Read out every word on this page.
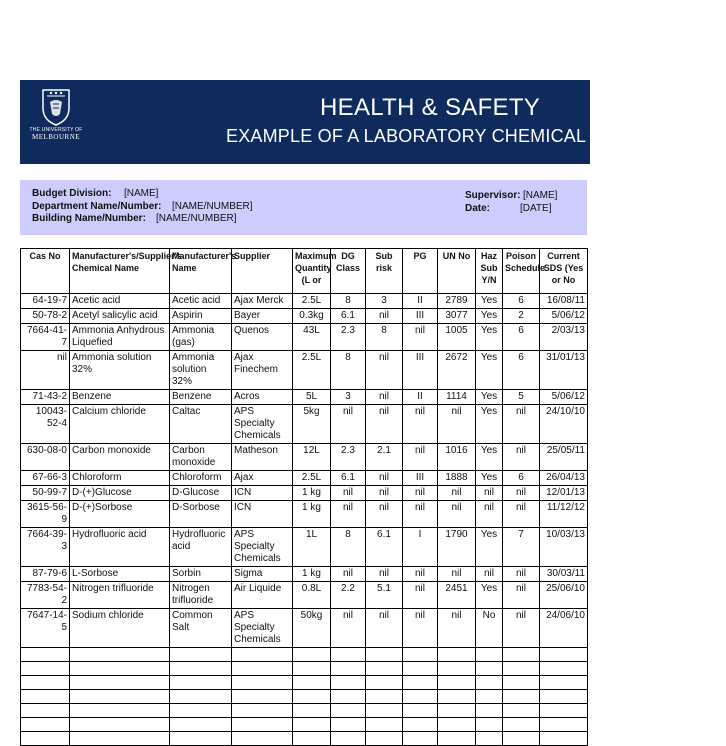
THE UNIVERSITY OF
MELBOURNE
HEALTH & SAFETY
EXAMPLE OF A LABORATORY CHEMICAL INVENTORY
Budget Division: [NAME]
Department Name/Number: [NAME/NUMBER]
Building Name/Number: [NAME/NUMBER]
Supervisor: [NAME]
Date:	[DATE]
Cas No	Manufacturer's/Supplier's Chemical Name	Manufacturer's Name	Supplier	Maximum Quantity (L or	DG Class	Sub risk	PG	UN No	Haz Sub Y/N	Poison Schedule	Current SDS (Yes or No
64-19-7	Acetic acid	Acetic acid	Ajax Merck	2.5L	8	3	II	2789	Yes	6	16/08/11
50-78-2	Acetyl salicylic acid	Aspirin	Bayer	0.3kg	6.1	nil	III	3077	Yes	2	5/06/12
7664-41-7	Ammonia Anhydrous Liquefied	Ammonia (gas)	Quenos	43L	2.3	8	nil	1005	Yes	6	2/03/13
nil	Ammonia solution 32%	Ammonia solution 32%	Ajax Finechem	2.5L	8	nil	III	2672	Yes	6	31/01/13
71-43-2	Benzene	Benzene	Acros	5L	3	nil	II	1114	Yes	5	5/06/12
10043-52-4	Calcium chloride	Caltac	APS Specialty Chemicals	5kg	nil	nil	nil	nil	Yes	nil	24/10/10
630-08-0	Carbon monoxide	Carbon monoxide	Matheson	12L	2.3	2.1	nil	1016	Yes	nil	25/05/11
67-66-3	Chloroform	Chloroform	Ajax	2.5L	6.1	nil	III	1888	Yes	6	26/04/13
50-99-7	D-(+)Glucose	D-Glucose	ICN	1 kg	nil	nil	nil	nil	nil	nil	12/01/13
3615-56-9	D-(+)Sorbose	D-Sorbose	ICN	1 kg	nil	nil	nil	nil	nil	nil	11/12/12
7664-39-3	Hydrofluoric acid	Hydrofluoric acid	APS Specialty Chemicals	1L	8	6.1	I	1790	Yes	7	10/03/13
87-79-6	L-Sorbose	Sorbin	Sigma	1 kg	nil	nil	nil	nil	nil	nil	30/03/11
7783-54-2	Nitrogen trifluoride	Nitrogen trifluoride	Air Liquide	0.8L	2.2	5.1	nil	2451	Yes	nil	25/06/10
7647-14-5	Sodium chloride	Common Salt	APS Specialty Chemicals	50kg	nil	nil	nil	nil	No	nil	24/06/10
